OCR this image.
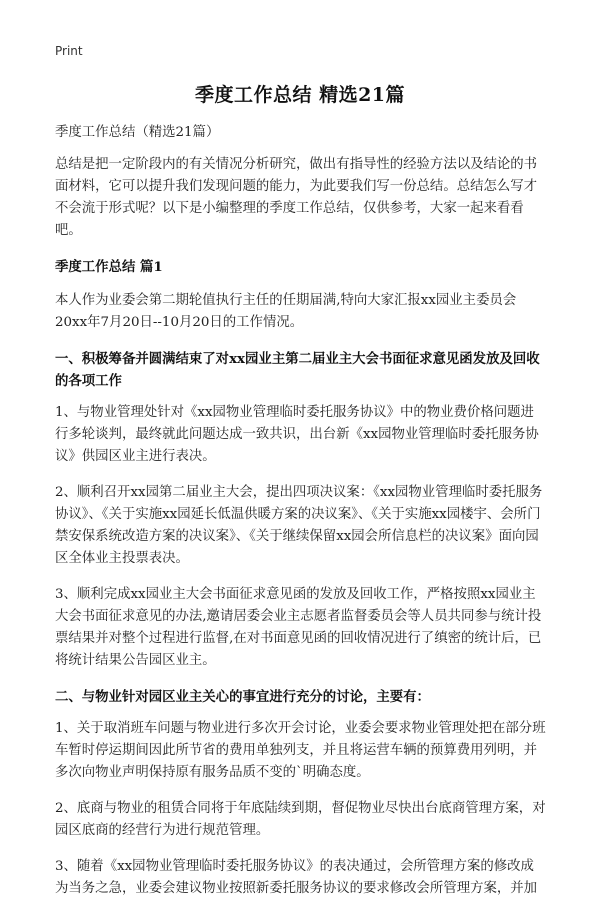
Print
季度工作总结 精选21篇

季度工作总结（精选21篇）

总结是把一定阶段内的有关情况分析研究，做出有指导性的经验方法以及结论的书面材料，它可以提升我们发现问题的能力，为此要我们写一份总结。总结怎么写才不会流于形式呢？以下是小编整理的季度工作总结，仅供参考，大家一起来看看吧。

季度工作总结 篇1

本人作为业委会第二期轮值执行主任的任期届满,特向大家汇报xx园业主委员会20xx年7月20日--10月20日的工作情况。

一、积极筹备并圆满结束了对xx园业主第二届业主大会书面征求意见函发放及回收的各项工作

1、与物业管理处针对《xx园物业管理临时委托服务协议》中的物业费价格问题进行多轮谈判，最终就此问题达成一致共识，出台新《xx园物业管理临时委托服务协议》供园区业主进行表决。

2、顺利召开xx园第二届业主大会，提出四项决议案：《xx园物业管理临时委托服务协议》、《关于实施xx园延长低温供暖方案的决议案》、《关于实施xx园楼宇、会所门禁安保系统改造方案的决议案》、《关于继续保留xx园会所信息栏的决议案》面向园区全体业主投票表决。

3、顺利完成xx园业主大会书面征求意见函的发放及回收工作，严格按照xx园业主大会书面征求意见的办法,邀请居委会业主志愿者监督委员会等人员共同参与统计投票结果并对整个过程进行监督,在对书面意见函的回收情况进行了缜密的统计后，已将统计结果公告园区业主。

二、与物业针对园区业主关心的事宜进行充分的讨论，主要有：

1、关于取消班车问题与物业进行多次开会讨论，业委会要求物业管理处把在部分班车暂时停运期间因此所节省的费用单独列支，并且将运营车辆的预算费用列明，并多次向物业声明保持原有服务品质不变的`明确态度。

2、底商与物业的租赁合同将于年底陆续到期，督促物业尽快出台底商管理方案，对园区底商的经营行为进行规范管理。

3、随着《xx园物业管理临时委托服务协议》的表决通过，会所管理方案的修改成为当务之急，业委会建议物业按照新委托服务协议的要求修改会所管理方案，并加
